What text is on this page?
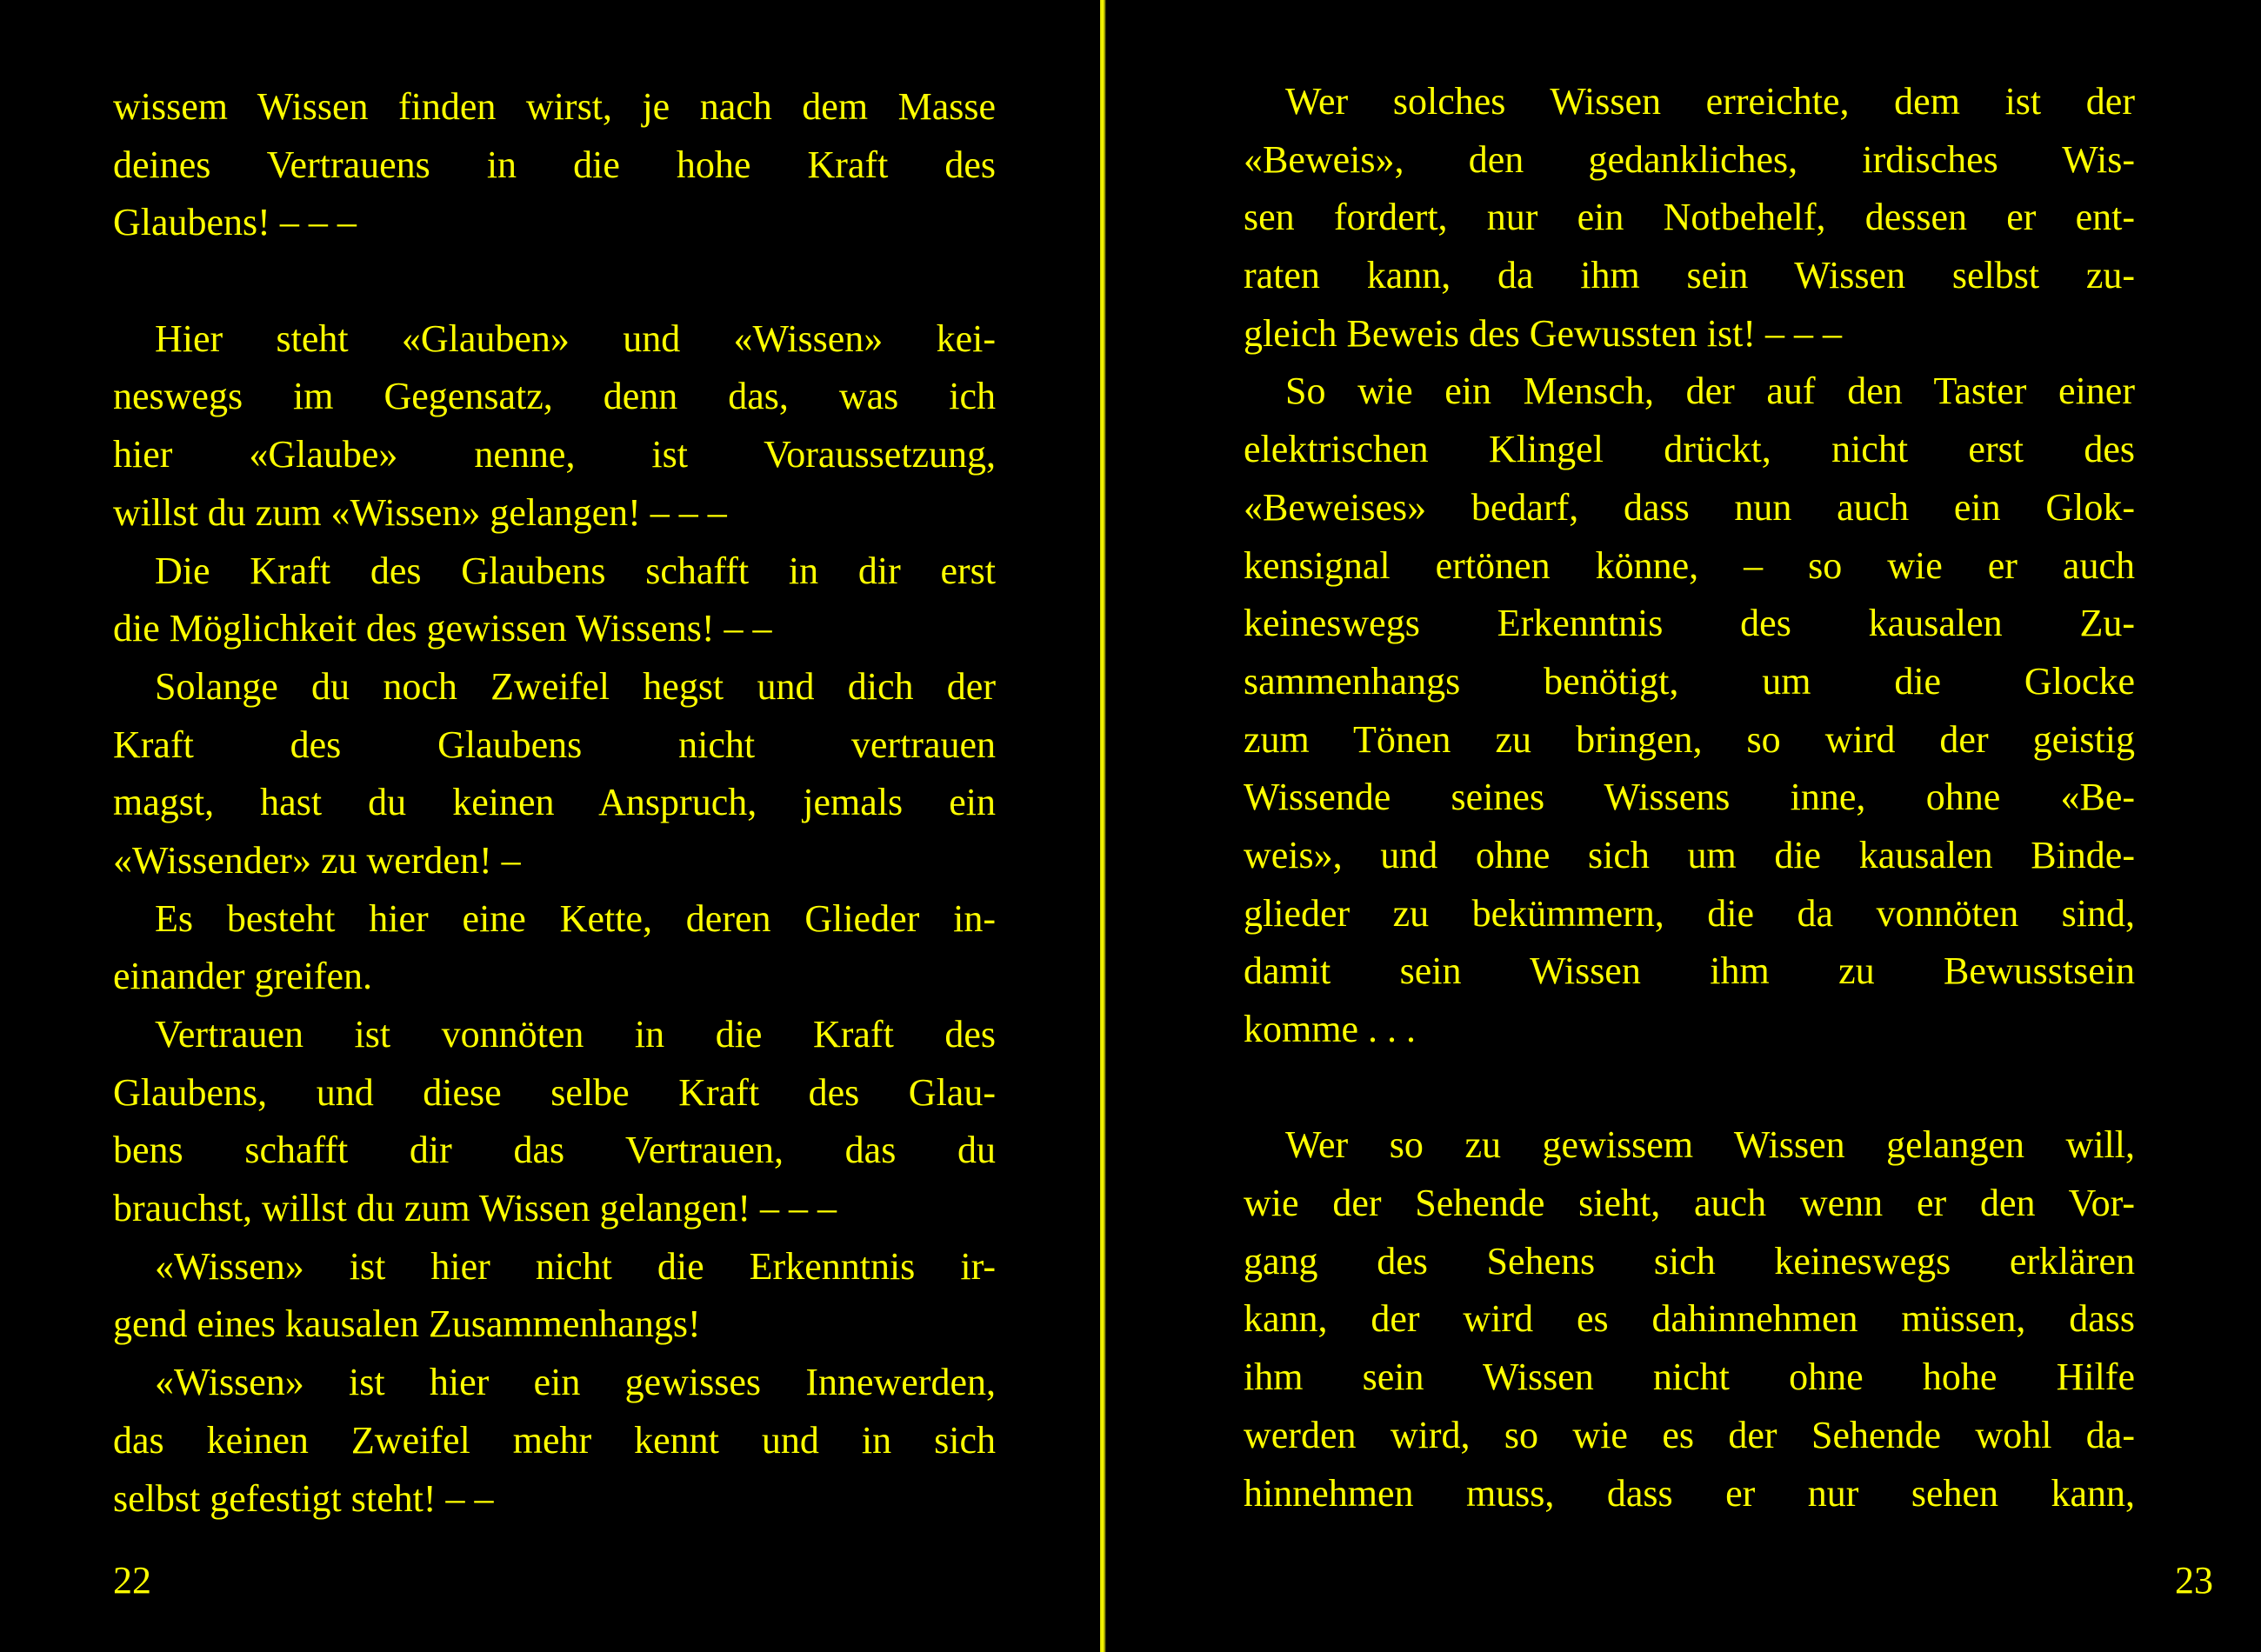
wissem Wissen finden wirst, je nach dem Masse
deines Vertrauens in die hohe Kraft des
Glaubens! – – –
Hier steht «Glauben» und «Wissen» kei-
neswegs im Gegensatz, denn das, was ich
hier «Glaube» nenne, ist Voraussetzung,
willst du zum «Wissen» gelangen! – – –
Die Kraft des Glaubens schafft in dir erst
die Möglichkeit des gewissen Wissens! – –
Solange du noch Zweifel hegst und dich der
Kraft des Glaubens nicht vertrauen
magst, hast du keinen Anspruch, jemals ein
«Wissender» zu werden! –
Es besteht hier eine Kette, deren Glieder in-
einander greifen.
Vertrauen ist vonnöten in die Kraft des
Glaubens, und diese selbe Kraft des Glau-
bens schafft dir das Vertrauen, das du
brauchst, willst du zum Wissen gelangen! – – –
«Wissen» ist hier nicht die Erkenntnis ir-
gend eines kausalen Zusammenhangs!
«Wissen» ist hier ein gewisses Innewerden,
das keinen Zweifel mehr kennt und in sich
selbst gefestigt steht! – –
22
Wer solches Wissen erreichte, dem ist der
«Beweis», den gedankliches, irdisches Wis-
sen fordert, nur ein Notbehelf, dessen er ent-
raten kann, da ihm sein Wissen selbst zu-
gleich Beweis des Gewussten ist! – – –
So wie ein Mensch, der auf den Taster einer
elektrischen Klingel drückt, nicht erst des
«Beweises» bedarf, dass nun auch ein Glok-
kensignal ertönen könne, – so wie er auch
keineswegs Erkenntnis des kausalen Zu-
sammenhangs benötigt, um die Glocke
zum Tönen zu bringen, so wird der geistig
Wissende seines Wissens inne, ohne «Be-
weis», und ohne sich um die kausalen Binde-
glieder zu bekümmern, die da vonnöten sind,
damit sein Wissen ihm zu Bewusstsein
komme . . .
Wer so zu gewissem Wissen gelangen will,
wie der Sehende sieht, auch wenn er den Vor-
gang des Sehens sich keineswegs erklären
kann, der wird es dahinnehmen müssen, dass
ihm sein Wissen nicht ohne hohe Hilfe
werden wird, so wie es der Sehende wohl da-
hinnehmen muss, dass er nur sehen kann,
23
